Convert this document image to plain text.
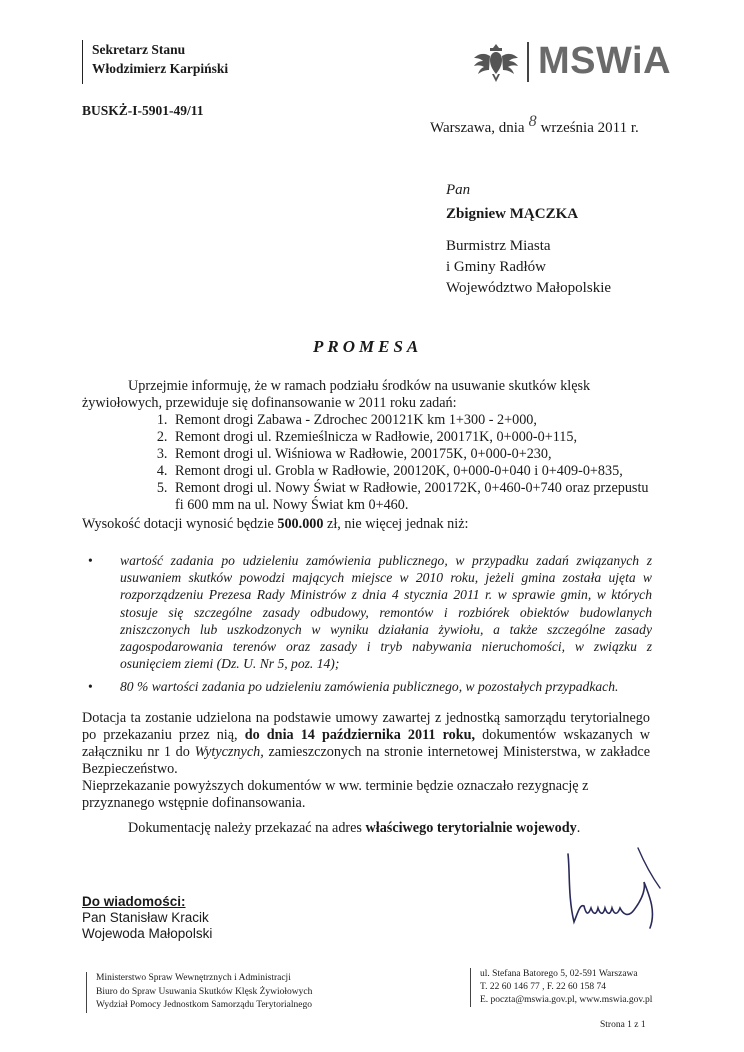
Sekretarz Stanu
Włodzimierz Karpiński
BUSKŻ-I-5901-49/11
MSWiA
Warszawa, dnia 8 września 2011 r.
Pan
Zbigniew MĄCZKA
Burmistrz Miasta
i Gminy Radłów
Województwo Małopolskie
PROMESA
Uprzejmie informuję, że w ramach podziału środków na usuwanie skutków klęsk żywiołowych, przewiduje się dofinansowanie w 2011 roku zadań:
1. Remont drogi Zabawa - Zdrochec 200121K km 1+300 - 2+000,
2. Remont drogi ul. Rzemieślnicza w Radłowie, 200171K, 0+000-0+115,
3. Remont drogi ul. Wiśniowa w Radłowie, 200175K, 0+000-0+230,
4. Remont drogi ul. Grobla w Radłowie, 200120K, 0+000-0+040 i 0+409-0+835,
5. Remont drogi ul. Nowy Świat w Radłowie, 200172K, 0+460-0+740 oraz przepustu fi 600 mm na ul. Nowy Świat km 0+460.
Wysokość dotacji wynosić będzie 500.000 zł, nie więcej jednak niż:
• wartość zadania po udzieleniu zamówienia publicznego, w przypadku zadań związanych z usuwaniem skutków powodzi mających miejsce w 2010 roku, jeżeli gmina została ujęta w rozporządzeniu Prezesa Rady Ministrów z dnia 4 stycznia 2011 r. w sprawie gmin, w których stosuje się szczególne zasady odbudowy, remontów i rozbiórek obiektów budowlanych zniszczonych lub uszkodzonych w wyniku działania żywiołu, a także szczególne zasady zagospodarowania terenów oraz zasady i tryb nabywania nieruchomości, w związku z osunięciem ziemi (Dz. U. Nr 5, poz. 14);
• 80 % wartości zadania po udzieleniu zamówienia publicznego, w pozostałych przypadkach.
Dotacja ta zostanie udzielona na podstawie umowy zawartej z jednostką samorządu terytorialnego po przekazaniu przez nią, do dnia 14 października 2011 roku, dokumentów wskazanych w załączniku nr 1 do Wytycznych, zamieszczonych na stronie internetowej Ministerstwa, w zakładce Bezpieczeństwo.
Nieprzekazanie powyższych dokumentów w ww. terminie będzie oznaczało rezygnację z przyznanego wstępnie dofinansowania.
Dokumentację należy przekazać na adres właściwego terytorialnie wojewody.
Do wiadomości:
Pan Stanisław Kracik
Wojewoda Małopolski
Ministerstwo Spraw Wewnętrznych i Administracji
Biuro do Spraw Usuwania Skutków Klęsk Żywiołowych
Wydział Pomocy Jednostkom Samorządu Terytorialnego
ul. Stefana Batorego 5, 02-591 Warszawa
T. 22 60 146 77 , F. 22 60 158 74
E. poczta@mswia.gov.pl, www.mswia.gov.pl
Strona 1 z 1
